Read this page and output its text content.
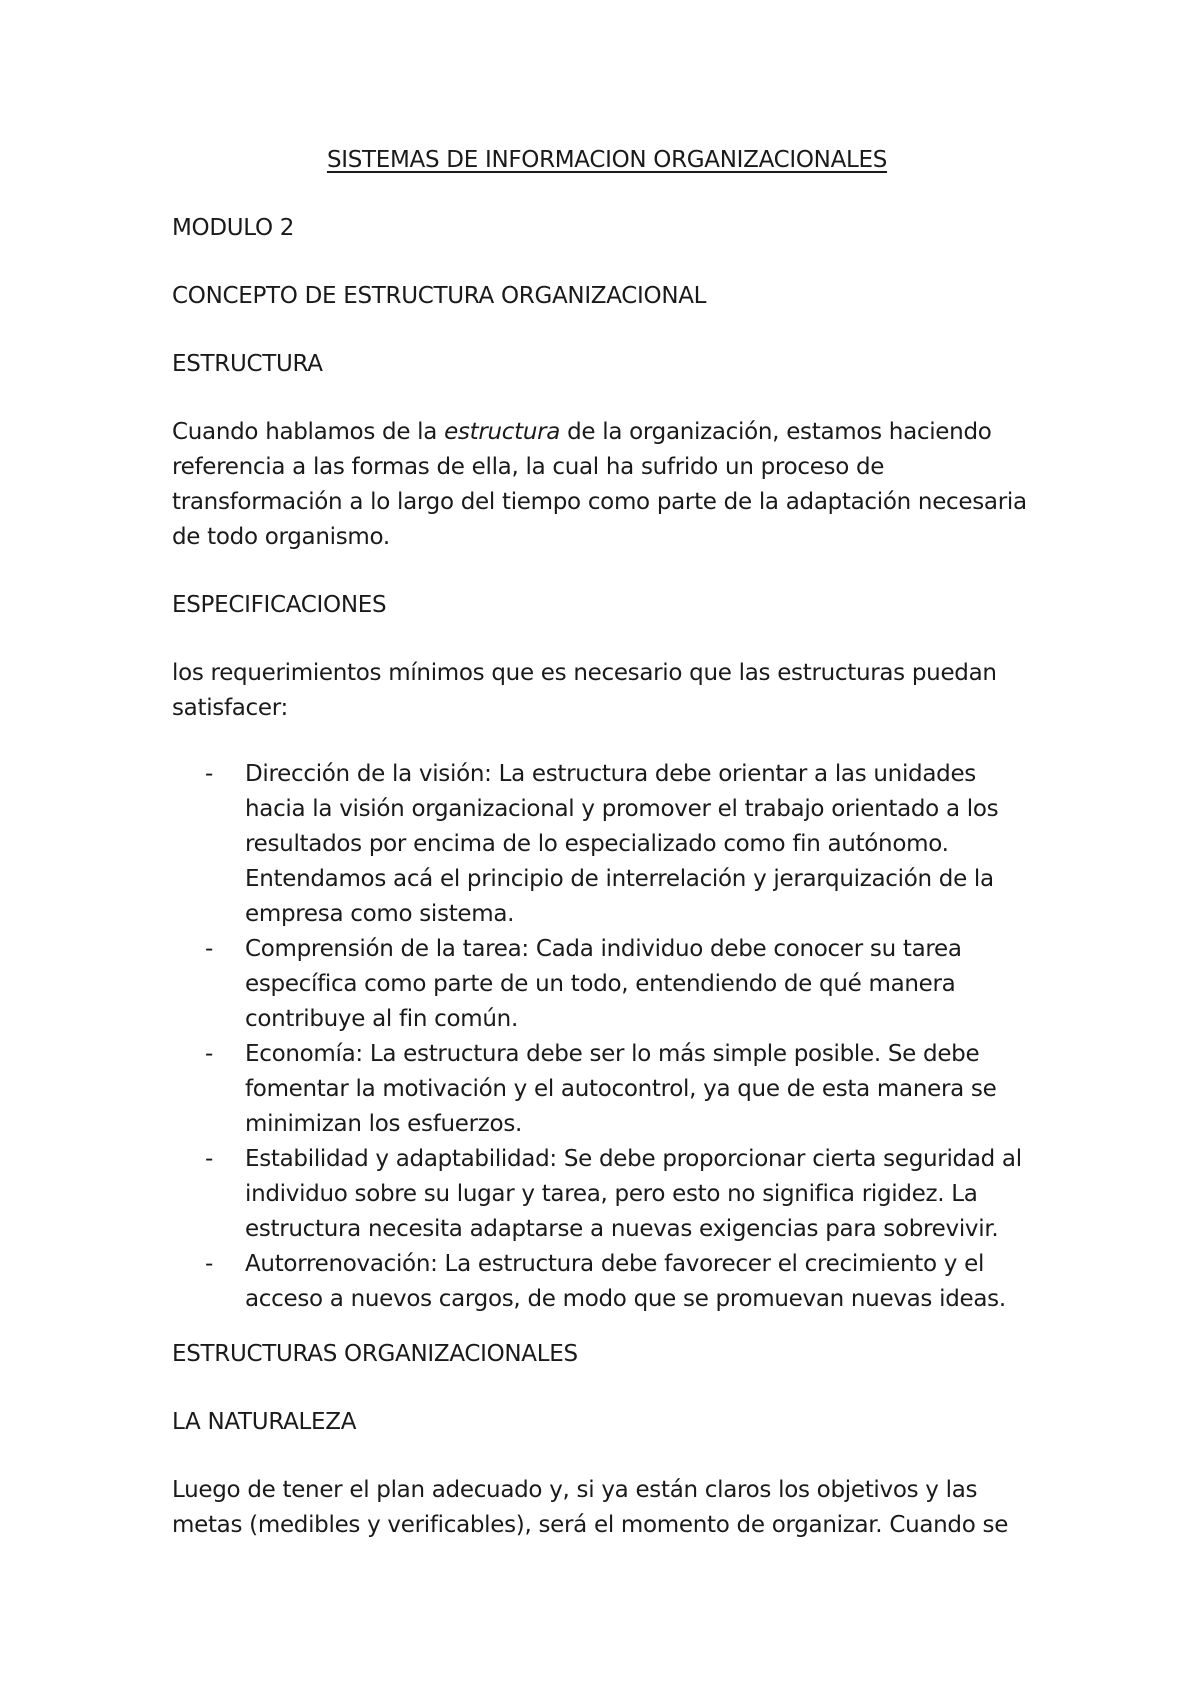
SISTEMAS DE INFORMACION ORGANIZACIONALES
MODULO 2
CONCEPTO DE ESTRUCTURA ORGANIZACIONAL
ESTRUCTURA
Cuando hablamos de la estructura de la organización, estamos haciendo referencia a las formas de ella, la cual ha sufrido un proceso de transformación a lo largo del tiempo como parte de la adaptación necesaria de todo organismo.
ESPECIFICACIONES
los requerimientos mínimos que es necesario que las estructuras puedan satisfacer:
- Dirección de la visión: La estructura debe orientar a las unidades hacia la visión organizacional y promover el trabajo orientado a los resultados por encima de lo especializado como fin autónomo. Entendamos acá el principio de interrelación y jerarquización de la empresa como sistema.
- Comprensión de la tarea: Cada individuo debe conocer su tarea específica como parte de un todo, entendiendo de qué manera contribuye al fin común.
- Economía: La estructura debe ser lo más simple posible. Se debe fomentar la motivación y el autocontrol, ya que de esta manera se minimizan los esfuerzos.
- Estabilidad y adaptabilidad: Se debe proporcionar cierta seguridad al individuo sobre su lugar y tarea, pero esto no significa rigidez. La estructura necesita adaptarse a nuevas exigencias para sobrevivir.
- Autorrenovación: La estructura debe favorecer el crecimiento y el acceso a nuevos cargos, de modo que se promuevan nuevas ideas.
ESTRUCTURAS ORGANIZACIONALES
LA NATURALEZA
Luego de tener el plan adecuado y, si ya están claros los objetivos y las metas (medibles y verificables), será el momento de organizar. Cuando se
